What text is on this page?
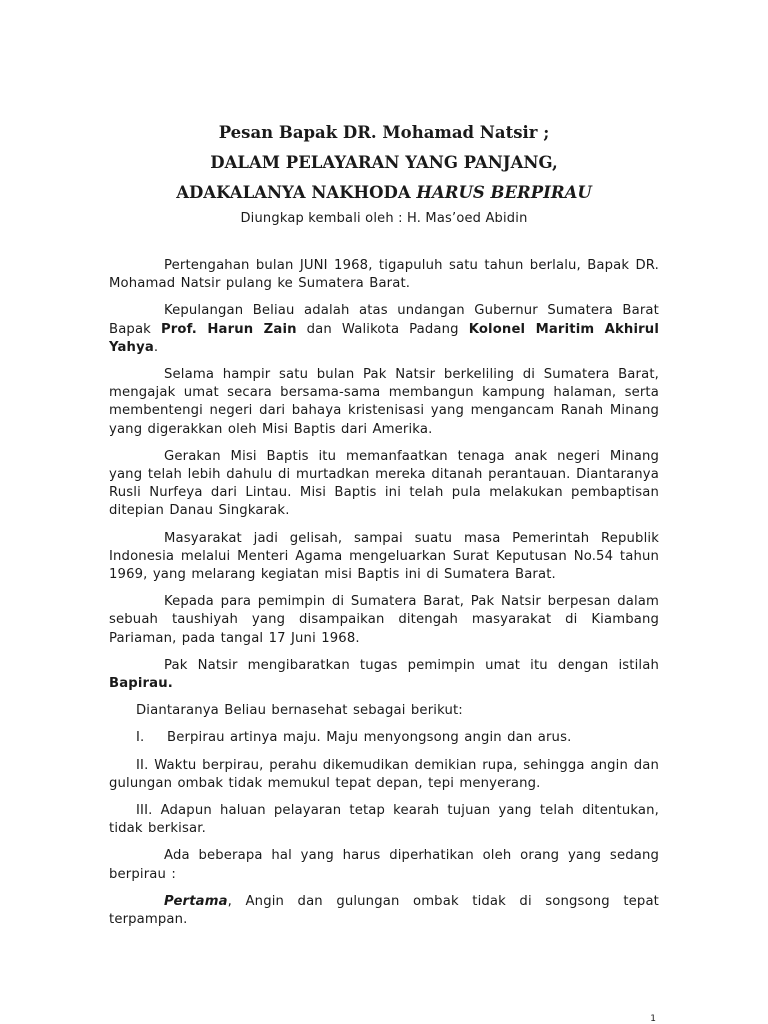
Pesan Bapak DR. Mohamad Natsir ;
DALAM PELAYARAN YANG PANJANG,
ADAKALANYA NAKHODA HARUS BERPIRAU
Diungkap kembali oleh : H. Mas’oed Abidin

Pertengahan bulan JUNI 1968, tigapuluh satu tahun berlalu, Bapak DR. Mohamad Natsir pulang ke Sumatera Barat.

Kepulangan Beliau adalah atas undangan Gubernur Sumatera Barat Bapak Prof. Harun Zain dan Walikota Padang Kolonel Maritim Akhirul Yahya.

Selama hampir satu bulan Pak Natsir berkeliling di Sumatera Barat, mengajak umat secara bersama-sama membangun kampung halaman, serta membentengi negeri dari bahaya kristenisasi yang mengancam Ranah Minang yang digerakkan oleh Misi Baptis dari Amerika.

Gerakan Misi Baptis itu memanfaatkan tenaga anak negeri Minang yang telah lebih dahulu di murtadkan mereka ditanah perantauan. Diantaranya Rusli Nurfeya dari Lintau. Misi Baptis ini telah pula melakukan pembaptisan ditepian Danau Singkarak.

Masyarakat jadi gelisah, sampai suatu masa Pemerintah Republik Indonesia melalui Menteri Agama mengeluarkan Surat Keputusan No.54 tahun 1969, yang melarang kegiatan misi Baptis ini di Sumatera Barat.

Kepada para pemimpin di Sumatera Barat, Pak Natsir berpesan dalam sebuah taushiyah yang disampaikan ditengah masyarakat di Kiambang Pariaman, pada tangal 17 Juni 1968.

Pak Natsir mengibaratkan tugas pemimpin umat itu dengan istilah Bapirau.

Diantaranya Beliau bernasehat sebagai berikut:

I. Berpirau artinya maju. Maju menyongsong angin dan arus.

II. Waktu berpirau, perahu dikemudikan demikian rupa, sehingga angin dan gulungan ombak tidak memukul tepat depan, tepi menyerang.

III. Adapun haluan pelayaran tetap kearah tujuan yang telah ditentukan, tidak berkisar.

Ada beberapa hal yang harus diperhatikan oleh orang yang sedang berpirau :

Pertama, Angin dan gulungan ombak tidak di songsong tepat terpampan.

1
